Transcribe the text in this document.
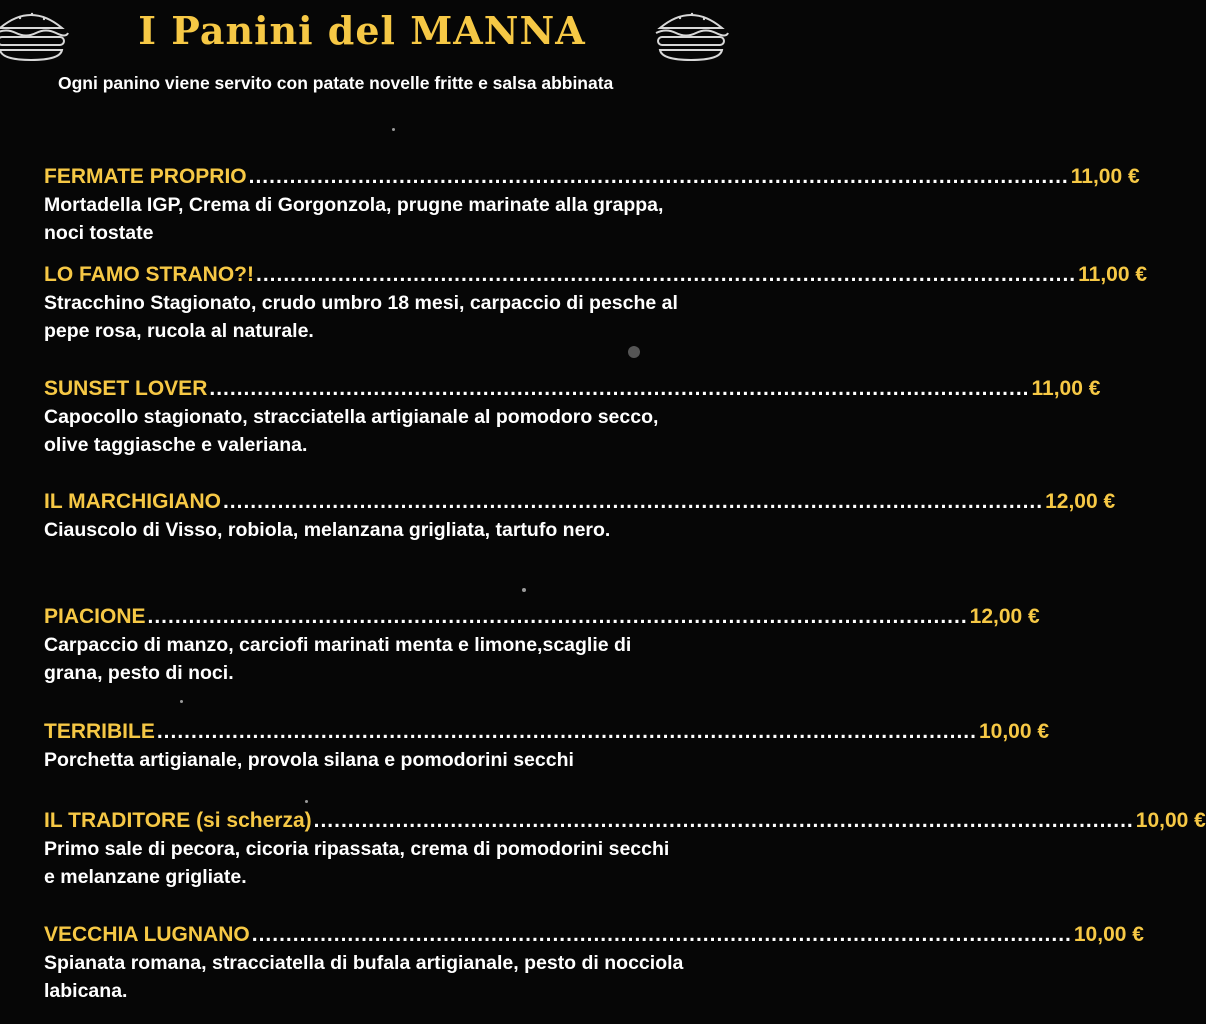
I Panini del MANNA
Ogni panino viene servito con patate novelle fritte e salsa abbinata
FERMATE PROPRIO ........................................................................................................................ 11,00 €
Mortadella IGP, Crema di Gorgonzola, prugne marinate alla grappa, noci tostate
LO FAMO STRANO?! ........................................................................................................................ 11,00 €
Stracchino Stagionato, crudo umbro 18 mesi, carpaccio di pesche al pepe rosa, rucola al naturale.
SUNSET LOVER ........................................................................................................................ 11,00 €
Capocollo stagionato, stracciatella artigianale al pomodoro secco, olive taggiasche e valeriana.
IL MARCHIGIANO ........................................................................................................................ 12,00 €
Ciauscolo di Visso, robiola, melanzana grigliata, tartufo nero.
PIACIONE ........................................................................................................................ 12,00 €
Carpaccio di manzo, carciofi marinati menta e limone,scaglie di grana, pesto di noci.
TERRIBILE ........................................................................................................................ 10,00 €
Porchetta artigianale, provola silana e pomodorini secchi
IL TRADITORE (si scherza) ........................................................................................................................ 10,00 €
Primo sale di pecora, cicoria ripassata, crema di pomodorini secchi e melanzane grigliate.
VECCHIA LUGNANO ........................................................................................................................ 10,00 €
Spianata romana, stracciatella di bufala artigianale, pesto di nocciola labicana.
